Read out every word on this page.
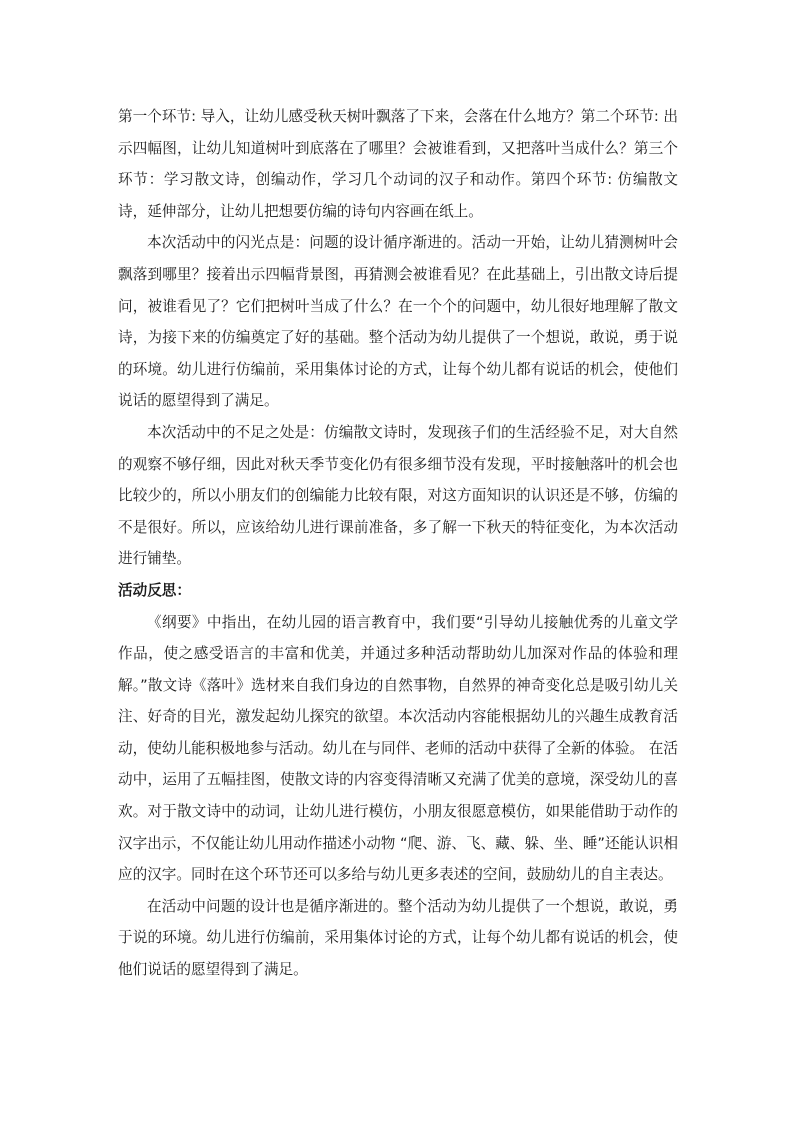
第一个环节: 导入，让幼儿感受秋天树叶飘落了下来，会落在什么地方？第二个环节: 出示四幅图，让幼儿知道树叶到底落在了哪里？会被谁看到，又把落叶当成什么？第三个环节：学习散文诗，创编动作，学习几个动词的汉子和动作。第四个环节: 仿编散文诗，延伸部分，让幼儿把想要仿编的诗句内容画在纸上。

本次活动中的闪光点是：问题的设计循序渐进的。活动一开始，让幼儿猜测树叶会飘落到哪里？接着出示四幅背景图，再猜测会被谁看见？在此基础上，引出散文诗后提问，被谁看见了？它们把树叶当成了什么？在一个个的问题中，幼儿很好地理解了散文诗，为接下来的仿编奠定了好的基础。整个活动为幼儿提供了一个想说，敢说，勇于说的环境。幼儿进行仿编前，采用集体讨论的方式，让每个幼儿都有说话的机会，使他们说话的愿望得到了满足。

本次活动中的不足之处是：仿编散文诗时，发现孩子们的生活经验不足，对大自然的观察不够仔细，因此对秋天季节变化仍有很多细节没有发现，平时接触落叶的机会也比较少的，所以小朋友们的创编能力比较有限，对这方面知识的认识还是不够，仿编的不是很好。所以，应该给幼儿进行课前准备，多了解一下秋天的特征变化，为本次活动进行铺垫。

活动反思：

《纲要》中指出，在幼儿园的语言教育中，我们要“引导幼儿接触优秀的儿童文学作品，使之感受语言的丰富和优美，并通过多种活动帮助幼儿加深对作品的体验和理解。”散文诗《落叶》选材来自我们身边的自然事物，自然界的神奇变化总是吸引幼儿关注、好奇的目光，激发起幼儿探究的欲望。本次活动内容能根据幼儿的兴趣生成教育活动，使幼儿能积极地参与活动。幼儿在与同伴、老师的活动中获得了全新的体验。 在活动中，运用了五幅挂图，使散文诗的内容变得清晰又充满了优美的意境，深受幼儿的喜欢。对于散文诗中的动词，让幼儿进行模仿，小朋友很愿意模仿，如果能借助于动作的汉字出示，不仅能让幼儿用动作描述小动物 “爬、游、飞、藏、躲、坐、睡”还能认识相应的汉字。同时在这个环节还可以多给与幼儿更多表述的空间，鼓励幼儿的自主表达。

在活动中问题的设计也是循序渐进的。整个活动为幼儿提供了一个想说，敢说，勇于说的环境。幼儿进行仿编前，采用集体讨论的方式，让每个幼儿都有说话的机会，使他们说话的愿望得到了满足。
